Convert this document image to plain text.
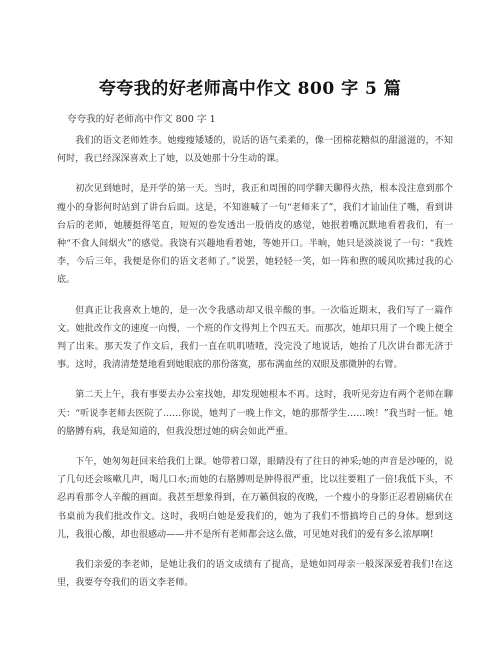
夸夸我的好老师高中作文 800 字 5 篇
夸夸我的好老师高中作文 800 字 1

我们的语文老师姓李。她瘦瘦矮矮的，说话的语气柔柔的，像一团棉花糖似的甜滋滋的，不知何时，我已经深深喜欢上了她，以及她那十分生动的课。

初次见到她时，是开学的第一天。当时，我正和周围的同学聊天聊得火热，根本没注意到那个瘦小的身影何时站到了讲台后面。这是，不知谁喊了一句“老师来了”，我们才讪讪住了嘴，看到讲台后的老师，她腰挺得笔直，短短的卷发透出一股俏皮的感觉，她抿着嘴沉默地看着我们，有一种“不食人间烟火”的感觉。我饶有兴趣地看着她，等她开口。半晌，她只是淡淡说了一句：“我姓李，今后三年，我便是你们的语文老师了。”说罢，她轻轻一笑，如一阵和煦的暖风吹拂过我的心底。

但真正让我喜欢上她的，是一次令我感动却又很辛酸的事。一次临近期末，我们写了一篇作文。她批改作文的速度一向慢，一个班的作文得判上个四五天。而那次，她却只用了一个晚上便全判了出来。那天发了作文后，我们一直在叽叽喳喳，没完没了地说话，她抬了几次讲台都无济于事。这时，我清清楚楚地看到她眼底的那份落寞，那布满血丝的双眼及那微肿的右臂。

第二天上午，我有事要去办公室找她，却发现她根本不再。这时，我听见旁边有两个老师在聊天：“听说李老师去医院了……你说，她判了一晚上作文，她的那帮学生……唉！”我当时一怔。她的胳膊有病，我是知道的，但我没想过她的病会如此严重。

下午，她匆匆赶回来给我们上课。她带着口罩，眼睛没有了往日的神采;她的声音是沙哑的，说了几句还会咳嗽几声，喝几口水;而她的右胳膊则是肿得很严重，比以往要粗了一倍!我低下头，不忍再看那令人辛酸的画面。我甚至想象得到，在万籁俱寂的夜晚，一个瘦小的身影正忍着剧痛伏在书桌前为我们批改作文。这时，我明白她是爱我们的，她为了我们不惜搞垮自己的身体。想到这儿，我很心酸，却也很感动——并不是所有老师都会这么做，可见她对我们的爱有多么浓厚啊!

我们亲爱的李老师，是她让我们的语文成绩有了提高，是她如同母亲一般深深爱着我们!在这里，我要夸夸我们的语文李老师。
